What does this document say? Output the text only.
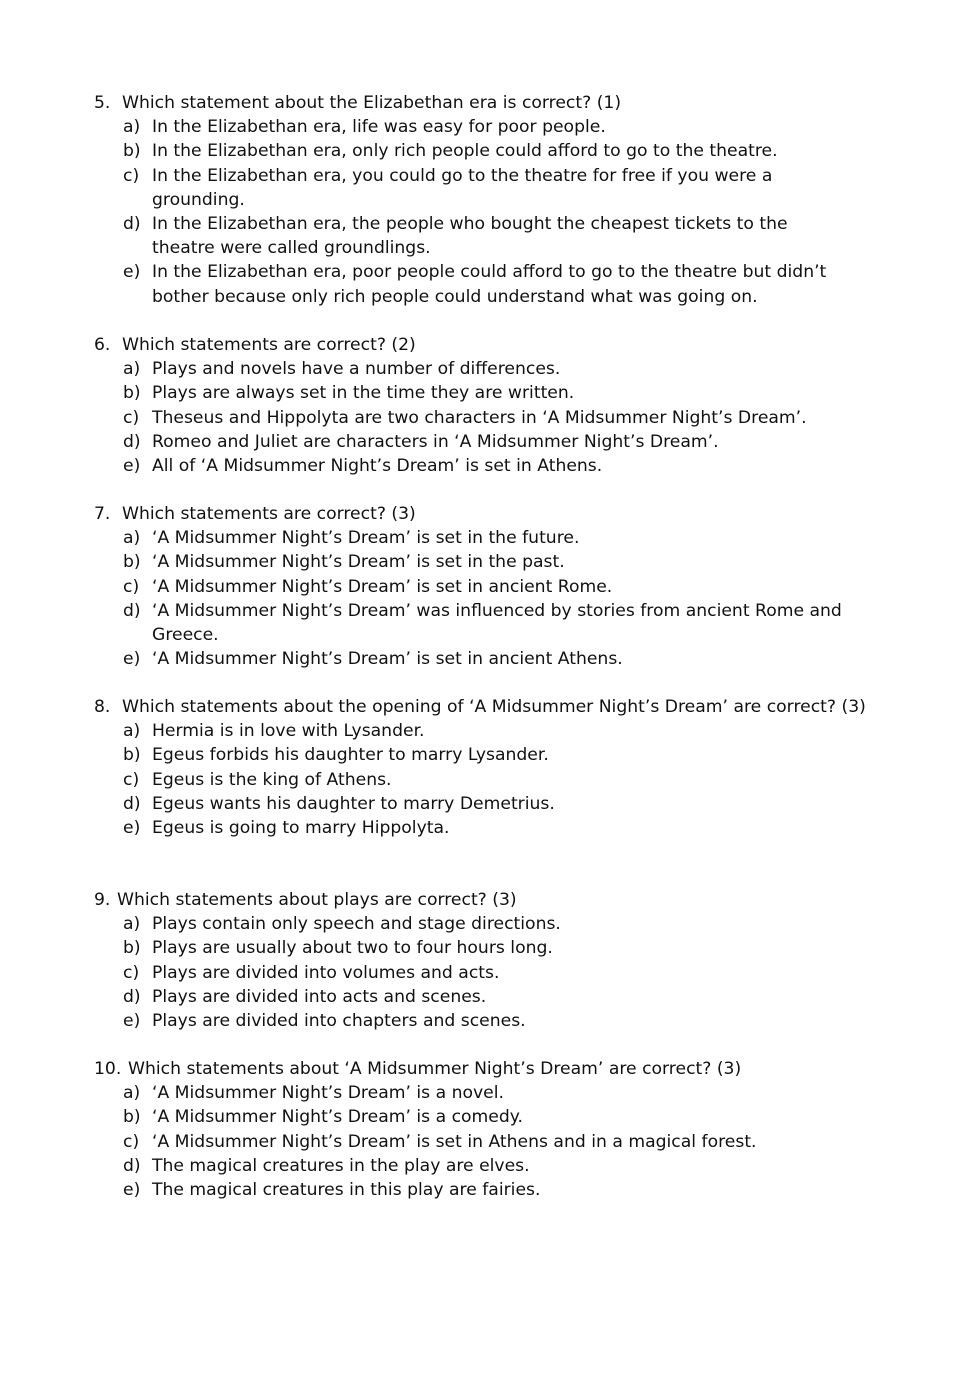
5. Which statement about the Elizabethan era is correct? (1)
a) In the Elizabethan era, life was easy for poor people.
b) In the Elizabethan era, only rich people could afford to go to the theatre.
c) In the Elizabethan era, you could go to the theatre for free if you were a grounding.
d) In the Elizabethan era, the people who bought the cheapest tickets to the theatre were called groundlings.
e) In the Elizabethan era, poor people could afford to go to the theatre but didn’t bother because only rich people could understand what was going on.
6. Which statements are correct? (2)
a) Plays and novels have a number of differences.
b) Plays are always set in the time they are written.
c) Theseus and Hippolyta are two characters in ‘A Midsummer Night’s Dream’.
d) Romeo and Juliet are characters in ‘A Midsummer Night’s Dream’.
e) All of ‘A Midsummer Night’s Dream’ is set in Athens.
7. Which statements are correct? (3)
a) ‘A Midsummer Night’s Dream’ is set in the future.
b) ‘A Midsummer Night’s Dream’ is set in the past.
c) ‘A Midsummer Night’s Dream’ is set in ancient Rome.
d) ‘A Midsummer Night’s Dream’ was influenced by stories from ancient Rome and Greece.
e) ‘A Midsummer Night’s Dream’ is set in ancient Athens.
8. Which statements about the opening of ‘A Midsummer Night’s Dream’ are correct? (3)
a) Hermia is in love with Lysander.
b) Egeus forbids his daughter to marry Lysander.
c) Egeus is the king of Athens.
d) Egeus wants his daughter to marry Demetrius.
e) Egeus is going to marry Hippolyta.
9. Which statements about plays are correct? (3)
a) Plays contain only speech and stage directions.
b) Plays are usually about two to four hours long.
c) Plays are divided into volumes and acts.
d) Plays are divided into acts and scenes.
e) Plays are divided into chapters and scenes.
10. Which statements about ‘A Midsummer Night’s Dream’ are correct? (3)
a) ‘A Midsummer Night’s Dream’ is a novel.
b) ‘A Midsummer Night’s Dream’ is a comedy.
c) ‘A Midsummer Night’s Dream’ is set in Athens and in a magical forest.
d) The magical creatures in the play are elves.
e) The magical creatures in this play are fairies.
